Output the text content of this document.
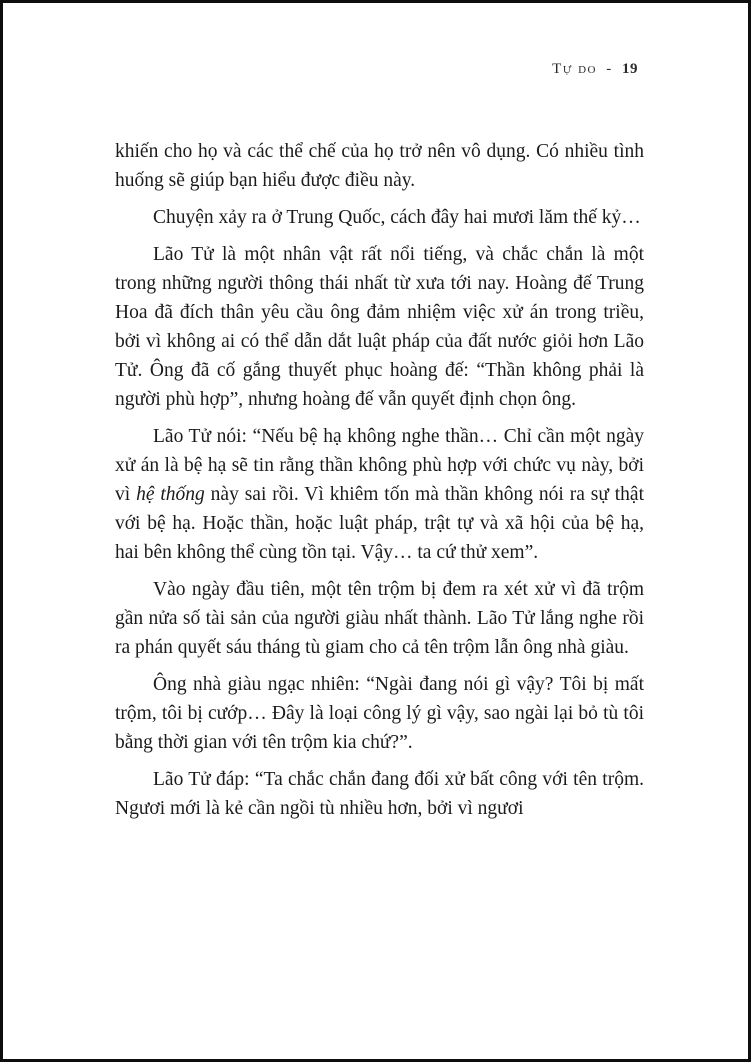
Tự do - 19

khiến cho họ và các thể chế của họ trở nên vô dụng. Có nhiều tình huống sẽ giúp bạn hiểu được điều này.

Chuyện xảy ra ở Trung Quốc, cách đây hai mươi lăm thế kỷ…

Lão Tử là một nhân vật rất nổi tiếng, và chắc chắn là một trong những người thông thái nhất từ xưa tới nay. Hoàng đế Trung Hoa đã đích thân yêu cầu ông đảm nhiệm việc xử án trong triều, bởi vì không ai có thể dẫn dắt luật pháp của đất nước giỏi hơn Lão Tử. Ông đã cố gắng thuyết phục hoàng đế: “Thần không phải là người phù hợp”, nhưng hoàng đế vẫn quyết định chọn ông.

Lão Tử nói: “Nếu bệ hạ không nghe thần… Chỉ cần một ngày xử án là bệ hạ sẽ tin rằng thần không phù hợp với chức vụ này, bởi vì hệ thống này sai rồi. Vì khiêm tốn mà thần không nói ra sự thật với bệ hạ. Hoặc thần, hoặc luật pháp, trật tự và xã hội của bệ hạ, hai bên không thể cùng tồn tại. Vậy… ta cứ thử xem”.

Vào ngày đầu tiên, một tên trộm bị đem ra xét xử vì đã trộm gần nửa số tài sản của người giàu nhất thành. Lão Tử lắng nghe rồi ra phán quyết sáu tháng tù giam cho cả tên trộm lẫn ông nhà giàu.

Ông nhà giàu ngạc nhiên: “Ngài đang nói gì vậy? Tôi bị mất trộm, tôi bị cướp… Đây là loại công lý gì vậy, sao ngài lại bỏ tù tôi bằng thời gian với tên trộm kia chứ?”.

Lão Tử đáp: “Ta chắc chắn đang đối xử bất công với tên trộm. Ngươi mới là kẻ cần ngồi tù nhiều hơn, bởi vì ngươi
